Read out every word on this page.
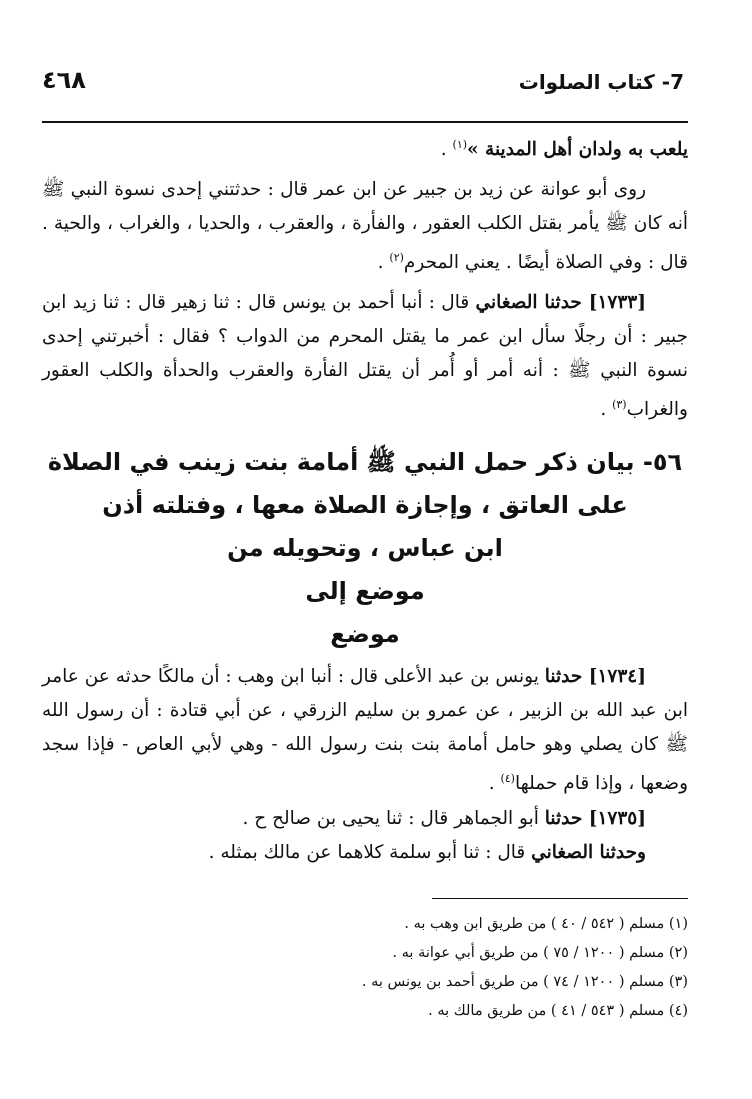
7- كتاب الصلوات
٤٦٨

يلعب به ولدان أهل المدينة »$^{(١)}$ .

روى أبو عوانة عن زيد بن جبير عن ابن عمر قال : حدثتني إحدى نسوة النبي ﷺ أنه كان ﷺ يأمر بقتل الكلب العقور ، والفأرة ، والعقرب ، والحديا ، والغراب ، والحية . قال : وفي الصلاة أيضًا . يعني المحرم$^{(٢)}$ .

[١٧٣٣] حدثنا الصغاني قال : أنبا أحمد بن يونس قال : ثنا زهير قال : ثنا زيد ابن جبير : أن رجلًا سأل ابن عمر ما يقتل المحرم من الدواب ؟ فقال : أخبرتني إحدى نسوة النبي ﷺ : أنه أمر أو أُمر أن يقتل الفأرة والعقرب والحدأة والكلب العقور والغراب$^{(٣)}$ .

٥٦- بيان ذكر حمل النبي ﷺ أمامة بنت زينب في الصلاة
على العاتق ، وإجازة الصلاة معها ، وفتلته أذن
ابن عباس ، وتحويله من
موضع إلى
موضع

[١٧٣٤] حدثنا يونس بن عبد الأعلى قال : أنبا ابن وهب : أن مالكًا حدثه عن عامر ابن عبد الله بن الزبير ، عن عمرو بن سليم الزرقي ، عن أبي قتادة : أن رسول الله ﷺ كان يصلي وهو حامل أمامة بنت بنت رسول الله - وهي لأبي العاص - فإذا سجد وضعها ، وإذا قام حملها$^{(٤)}$ .

[١٧٣٥] حدثنا أبو الجماهر قال : ثنا يحيى بن صالح ح .

وحدثنا الصغاني قال : ثنا أبو سلمة كلاهما عن مالك بمثله .

(١) مسلم ( ٥٤٢ / ٤٠ ) من طريق ابن وهب به .
(٢) مسلم ( ١٢٠٠ / ٧٥ ) من طريق أبي عوانة به .
(٣) مسلم ( ١٢٠٠ / ٧٤ ) من طريق أحمد بن يونس به .
(٤) مسلم ( ٥٤٣ / ٤١ ) من طريق مالك به .
